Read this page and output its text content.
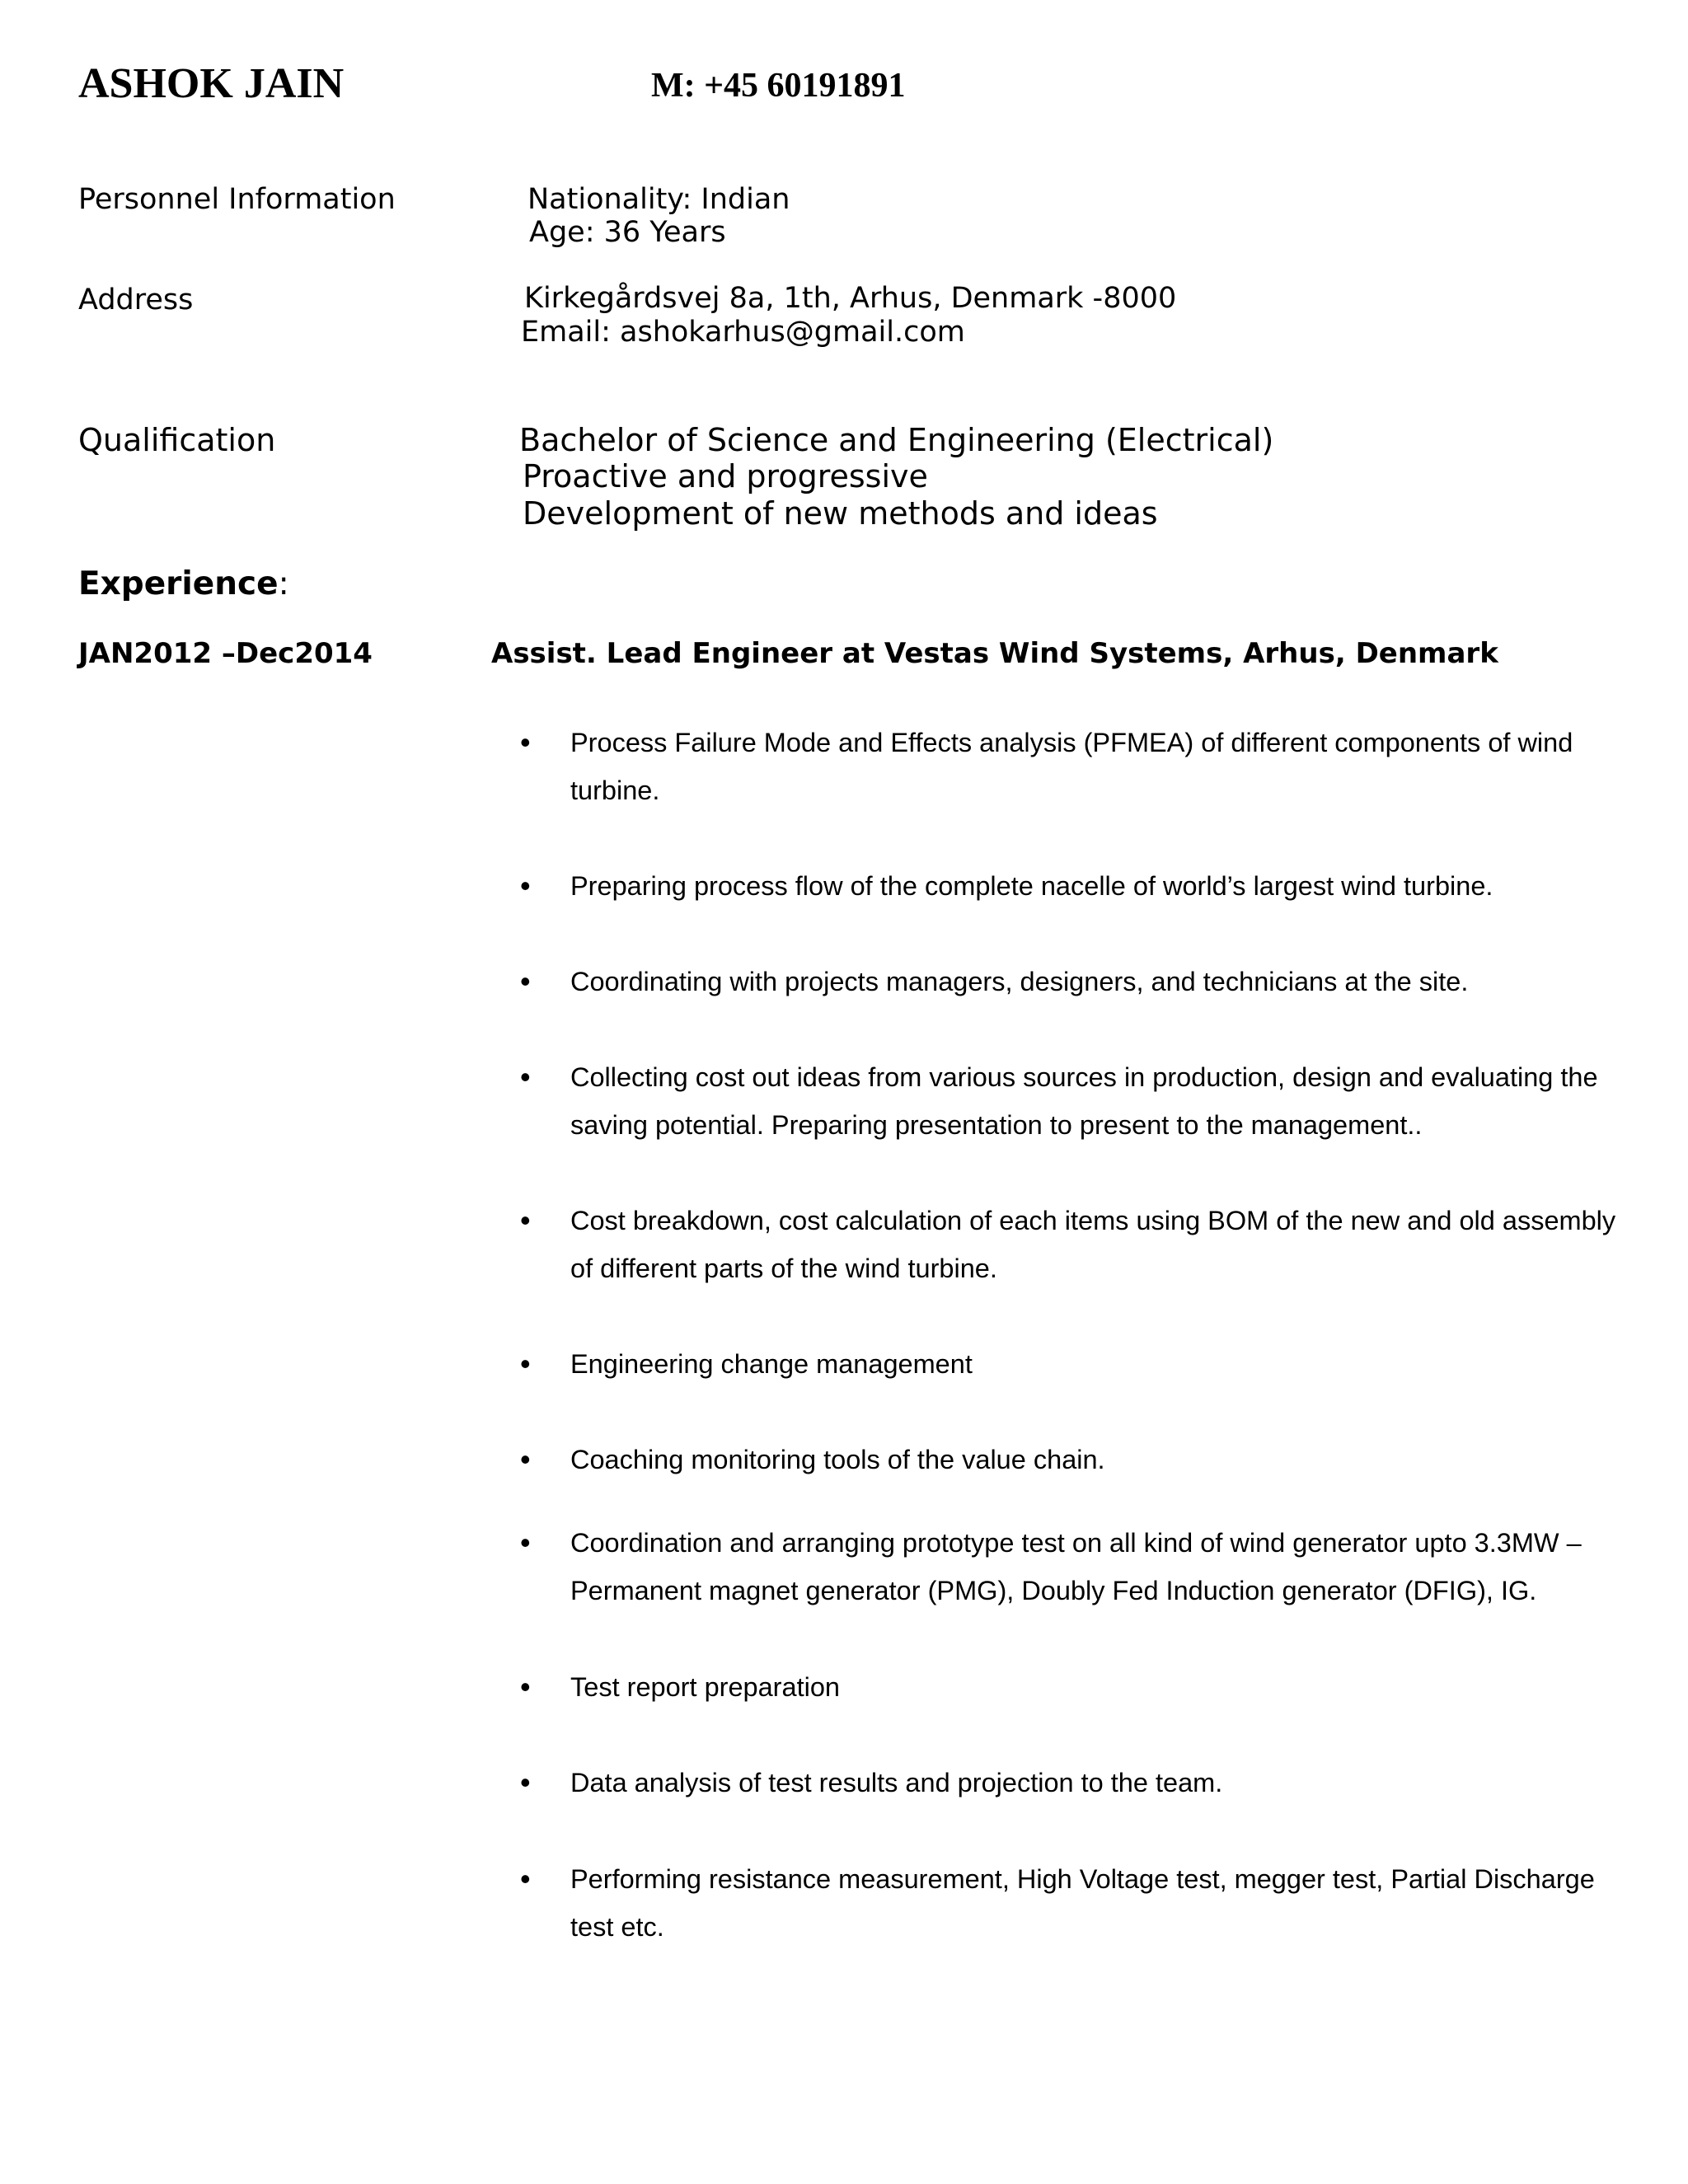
ASHOK JAIN	M: +45 60191891
Personnel Information	Nationality: Indian
Age: 36 Years
Address	Kirkegårdsvej 8a, 1th, Arhus, Denmark -8000
Email: ashokarhus@gmail.com
Qualification	Bachelor of Science and Engineering (Electrical)
Proactive and progressive
Development of new methods and ideas
Experience:
JAN2012 –Dec2014	Assist. Lead Engineer at Vestas Wind Systems, Arhus, Denmark
• Process Failure Mode and Effects analysis (PFMEA) of different components of wind turbine.
• Preparing process flow of the complete nacelle of world’s largest wind turbine.
• Coordinating with projects managers, designers, and technicians at the site.
• Collecting cost out ideas from various sources in production, design and evaluating the saving potential. Preparing presentation to present to the management..
• Cost breakdown, cost calculation of each items using BOM of the new and old assembly of different parts of the wind turbine.
• Engineering change management
• Coaching monitoring tools of the value chain.
• Coordination and arranging prototype test on all kind of wind generator upto 3.3MW – Permanent magnet generator (PMG), Doubly Fed Induction generator (DFIG), IG.
• Test report preparation
• Data analysis of test results and projection to the team.
• Performing resistance measurement, High Voltage test, megger test, Partial Discharge test etc.
